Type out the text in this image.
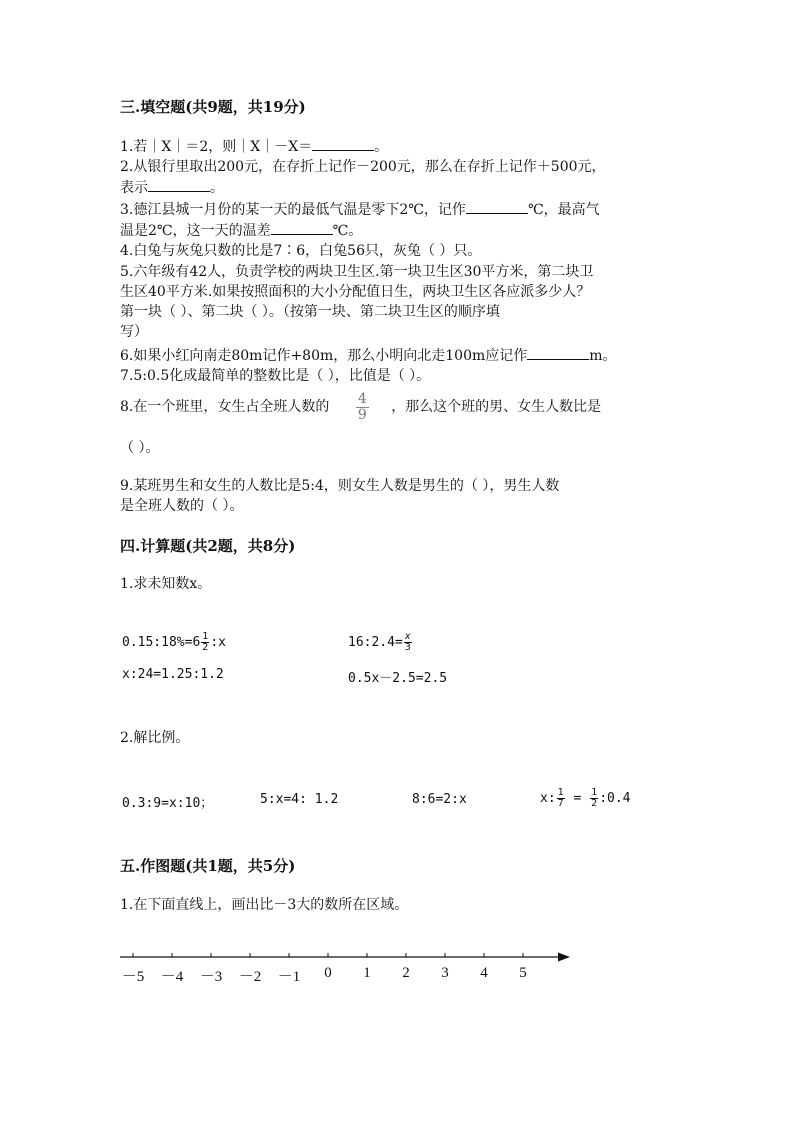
三.填空题(共9题，共19分)
1.若｜X｜＝2，则｜X｜－X＝	。
2.从银行里取出200元，在存折上记作－200元，那么在存折上记作＋500元，
表示	。
3.德江县城一月份的某一天的最低气温是零下2℃，记作	℃，最高气
温是2℃，这一天的温差	℃。
4.白兔与灰兔只数的比是7∶6，白兔56只，灰兔（ ）只。
5.六年级有42人，负责学校的两块卫生区.第一块卫生区30平方米，第二块卫
生区40平方米.如果按照面积的大小分配值日生，两块卫生区各应派多少人？
第一块（ ）、第二块（ ）。（按第一块、第二块卫生区的顺序填
写）
6.如果小红向南走80m记作+80m，那么小明向北走100m应记作	m。
7.5:0.5化成最简单的整数比是（ ），比值是（ ）。
8.在一个班里，女生占全班人数的 $\frac{4}{9}$ ，那么这个班的男、女生人数比是
（ ）。
9.某班男生和女生的人数比是5:4，则女生人数是男生的（ ），男生人数
是全班人数的（ ）。
四.计算题(共2题，共8分)
1.求未知数x。
0.15:18%=6 $\frac{1}{2}$ :x	16:2.4= $\frac{x}{3}$
x:24=1.25:1.2	0.5x－2.5=2.5
2.解比例。
0.3:9=x:10；	5:x=4: 1.2	8:6=2:x	x: $\frac{1}{7} = \frac{1}{2}$ :0.4
五.作图题(共1题，共5分)
1.在下面直线上，画出比－3大的数所在区域。
－5	－4	－3	－2	－1	0	1	2	3	4	5
